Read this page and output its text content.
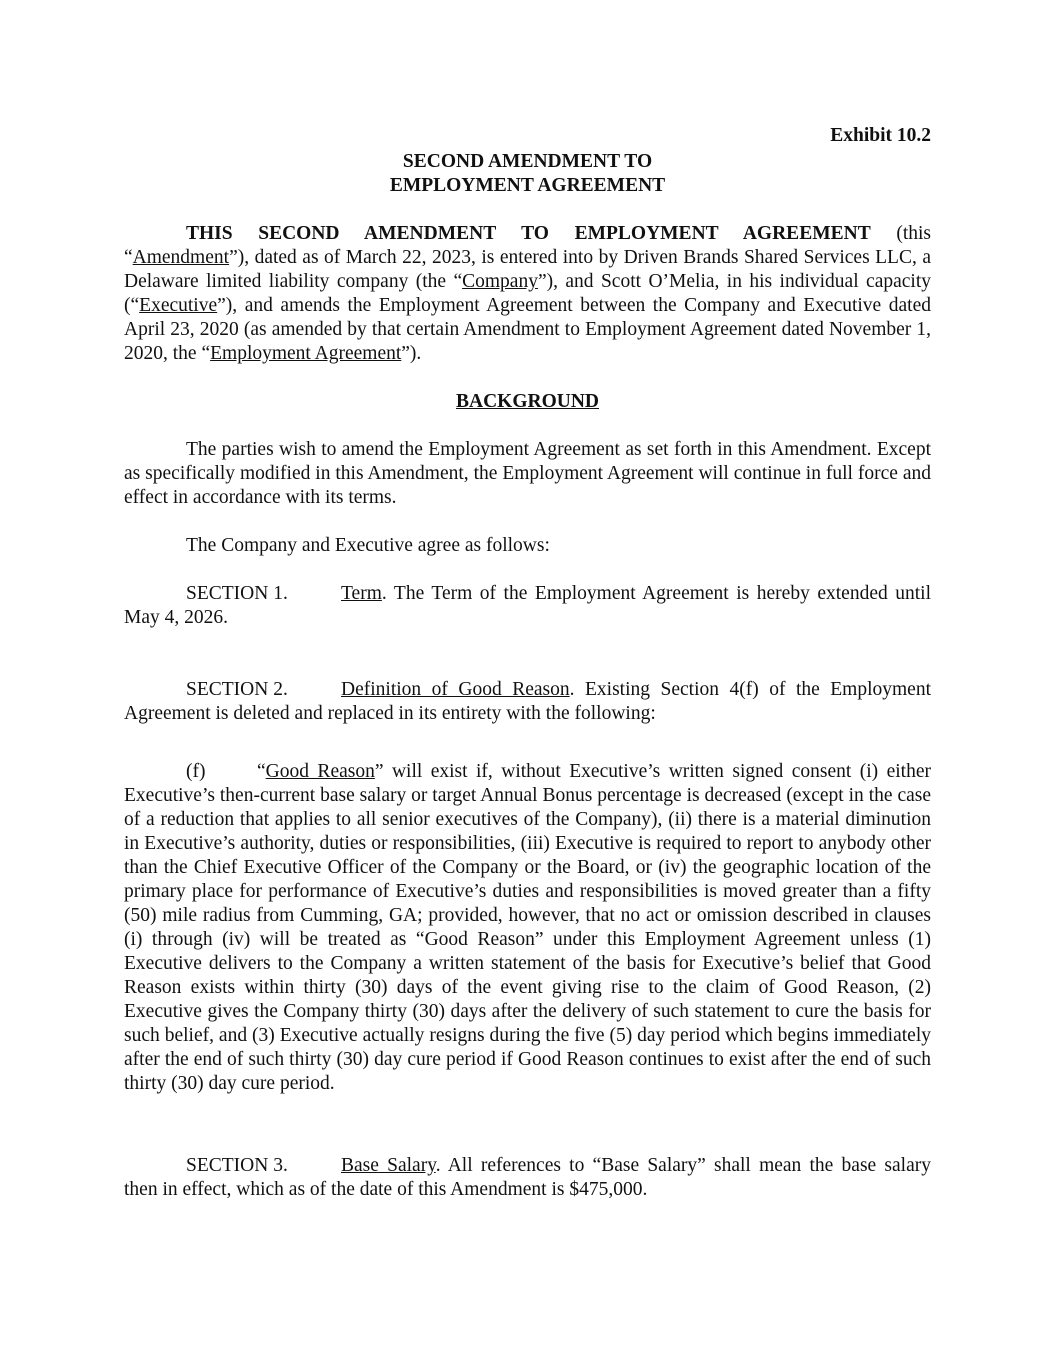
Exhibit 10.2

SECOND AMENDMENT TO

EMPLOYMENT AGREEMENT

THIS SECOND AMENDMENT TO EMPLOYMENT AGREEMENT (this “Amendment”), dated as of March 22, 2023, is entered into by Driven Brands Shared Services LLC, a Delaware limited liability company (the “Company”), and Scott O’Melia, in his individual capacity (“Executive”), and amends the Employment Agreement between the Company and Executive dated April 23, 2020 (as amended by that certain Amendment to Employment Agreement dated November 1, 2020, the “Employment Agreement”).

BACKGROUND

The parties wish to amend the Employment Agreement as set forth in this Amendment. Except as specifically modified in this Amendment, the Employment Agreement will continue in full force and effect in accordance with its terms.

The Company and Executive agree as follows:

SECTION 1.	Term. The Term of the Employment Agreement is hereby extended until May 4, 2026.

SECTION 2.	Definition of Good Reason. Existing Section 4(f) of the Employment Agreement is deleted and replaced in its entirety with the following:

(f)	“Good Reason” will exist if, without Executive’s written signed consent (i) either Executive’s then-current base salary or target Annual Bonus percentage is decreased (except in the case of a reduction that applies to all senior executives of the Company), (ii) there is a material diminution in Executive’s authority, duties or responsibilities, (iii) Executive is required to report to anybody other than the Chief Executive Officer of the Company or the Board, or (iv) the geographic location of the primary place for performance of Executive’s duties and responsibilities is moved greater than a fifty (50) mile radius from Cumming, GA; provided, however, that no act or omission described in clauses (i) through (iv) will be treated as “Good Reason” under this Employment Agreement unless (1) Executive delivers to the Company a written statement of the basis for Executive’s belief that Good Reason exists within thirty (30) days of the event giving rise to the claim of Good Reason, (2) Executive gives the Company thirty (30) days after the delivery of such statement to cure the basis for such belief, and (3) Executive actually resigns during the five (5) day period which begins immediately after the end of such thirty (30) day cure period if Good Reason continues to exist after the end of such thirty (30) day cure period.

SECTION 3.	Base Salary. All references to “Base Salary” shall mean the base salary then in effect, which as of the date of this Amendment is $475,000.
